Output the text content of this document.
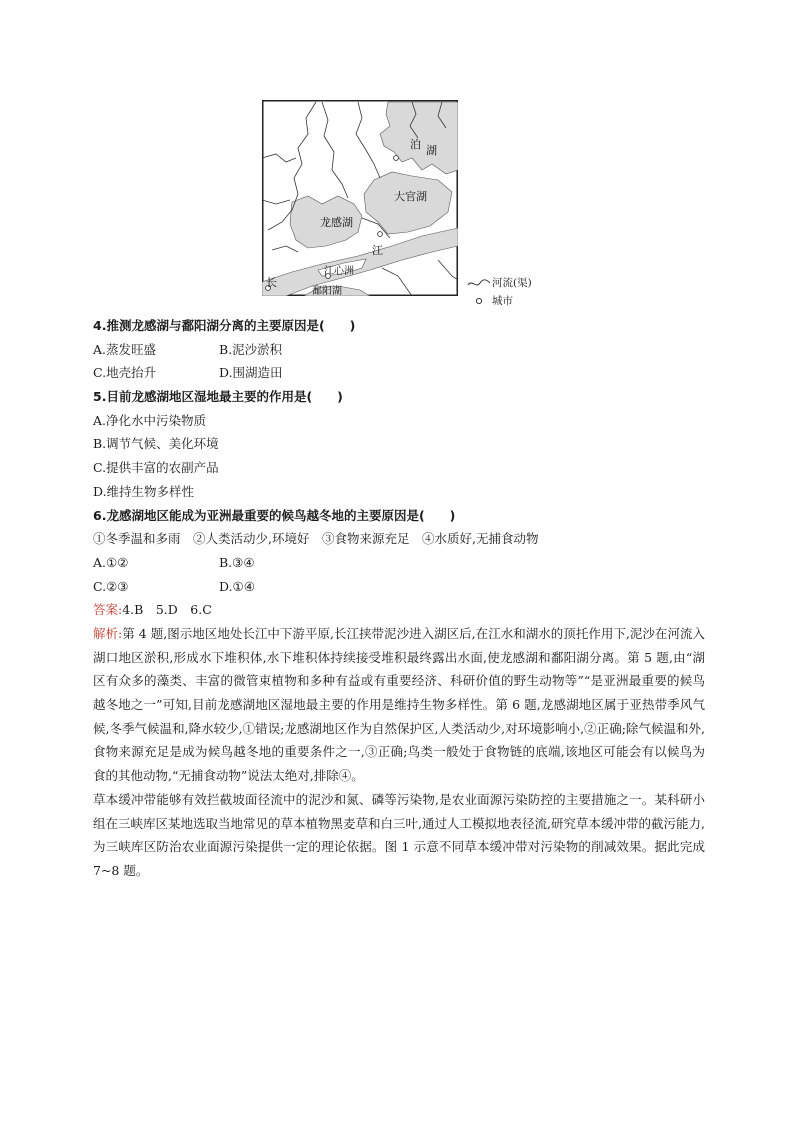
泊 湖
大官湖
龙感湖
江
江心洲
长
鄱阳湖
河流(渠)
城市
4.推测龙感湖与鄱阳湖分离的主要原因是(　　)
A.蒸发旺盛	B.泥沙淤积
C.地壳抬升	D.围湖造田
5.目前龙感湖地区湿地最主要的作用是(　　)
A.净化水中污染物质
B.调节气候、美化环境
C.提供丰富的农副产品
D.维持生物多样性
6.龙感湖地区能成为亚洲最重要的候鸟越冬地的主要原因是(　　)
①冬季温和多雨　②人类活动少,环境好　③食物来源充足　④水质好,无捕食动物
A.①②	B.③④
C.②③	D.①④
答案:4.B　5.D　6.C
解析:第 4 题,图示地区地处长江中下游平原,长江挟带泥沙进入湖区后,在江水和湖水的顶托作用下,泥沙在河流入湖口地区淤积,形成水下堆积体,水下堆积体持续接受堆积最终露出水面,使龙感湖和鄱阳湖分离。第 5 题,由“湖区有众多的藻类、丰富的微管束植物和多种有益或有重要经济、科研价值的野生动物等”“是亚洲最重要的候鸟越冬地之一”可知,目前龙感湖地区湿地最主要的作用是维持生物多样性。第 6 题,龙感湖地区属于亚热带季风气候,冬季气候温和,降水较少,①错误;龙感湖地区作为自然保护区,人类活动少,对环境影响小,②正确;除气候温和外,食物来源充足是成为候鸟越冬地的重要条件之一,③正确;鸟类一般处于食物链的底端,该地区可能会有以候鸟为食的其他动物,“无捕食动物”说法太绝对,排除④。
草本缓冲带能够有效拦截坡面径流中的泥沙和氮、磷等污染物,是农业面源污染防控的主要措施之一。某科研小组在三峡库区某地选取当地常见的草本植物黑麦草和白三叶,通过人工模拟地表径流,研究草本缓冲带的截污能力,为三峡库区防治农业面源污染提供一定的理论依据。图 1 示意不同草本缓冲带对污染物的削减效果。据此完成 7~8 题。
